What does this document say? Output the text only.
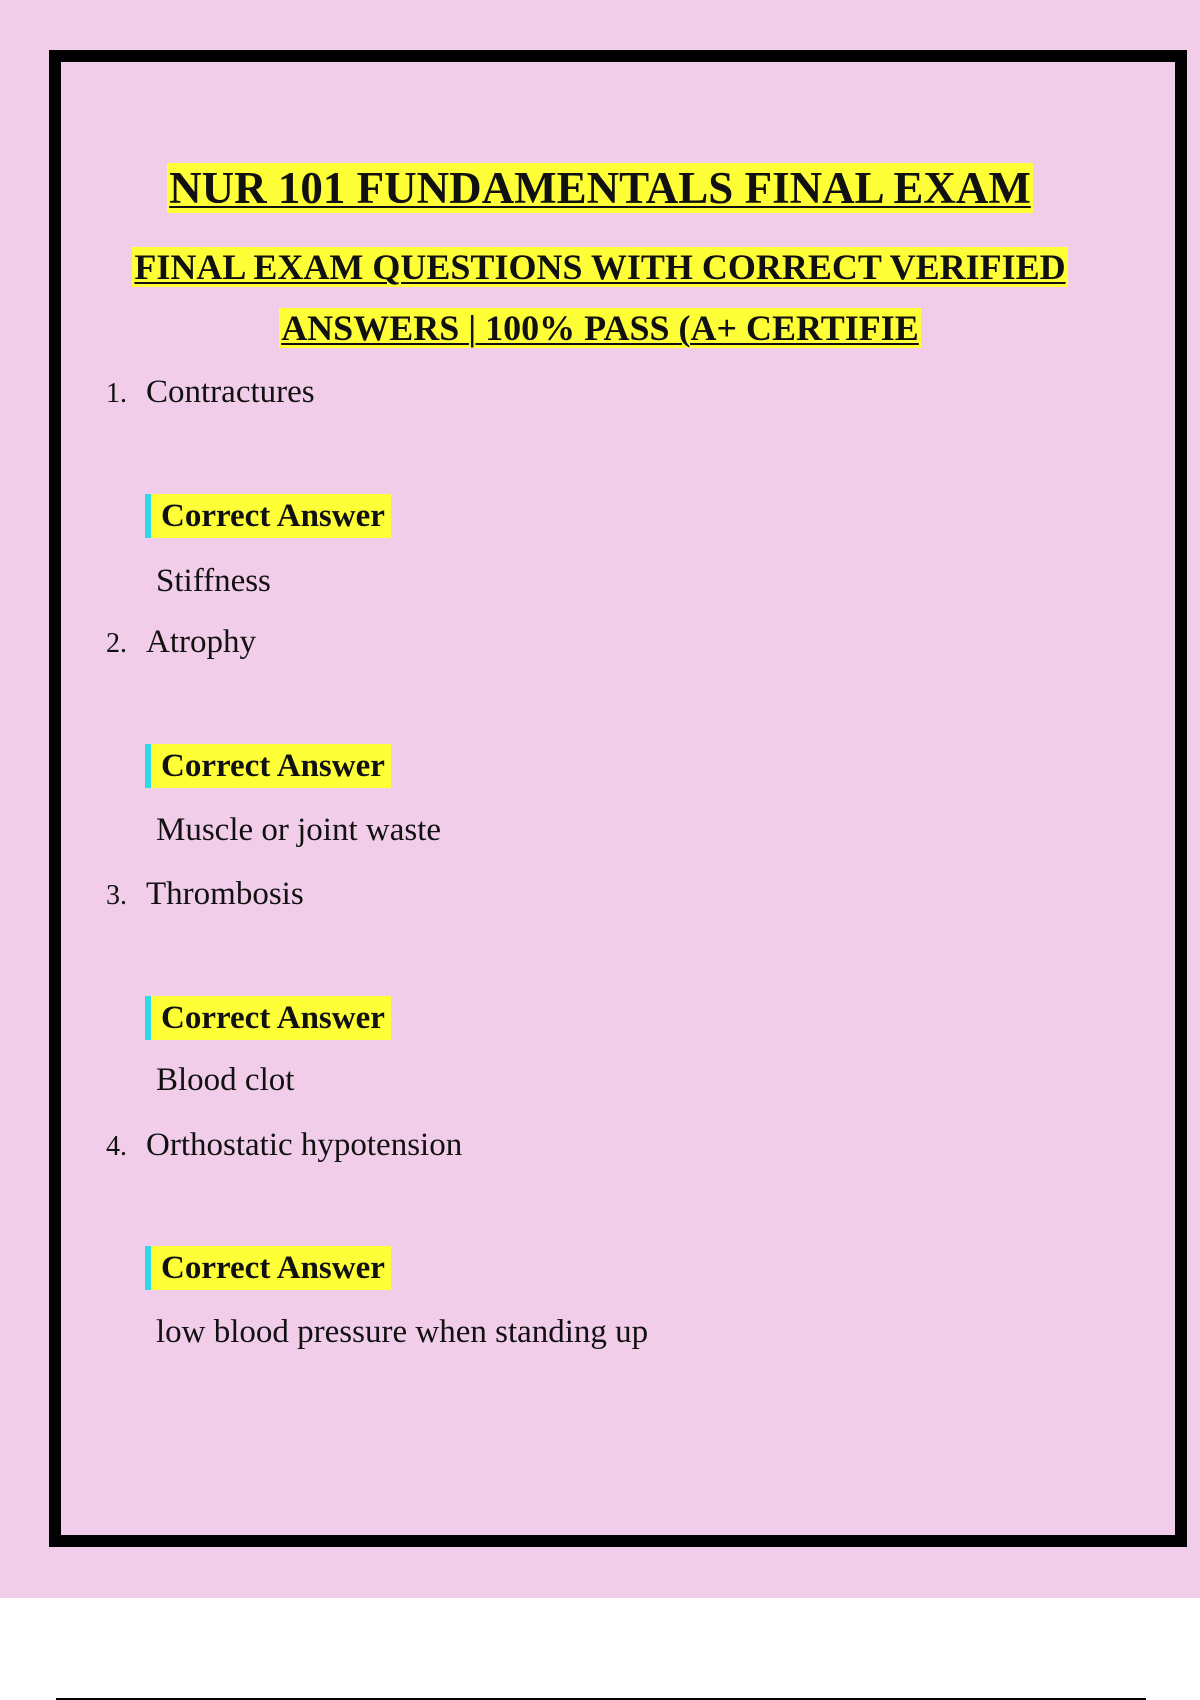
NUR 101 FUNDAMENTALS FINAL EXAM
FINAL EXAM QUESTIONS WITH CORRECT VERIFIED
ANSWERS | 100% PASS (A+ CERTIFIE
1. Contractures
Correct Answer
Stiffness
2. Atrophy
Correct Answer
Muscle or joint waste
3. Thrombosis
Correct Answer
Blood clot
4. Orthostatic hypotension
Correct Answer
low blood pressure when standing up
